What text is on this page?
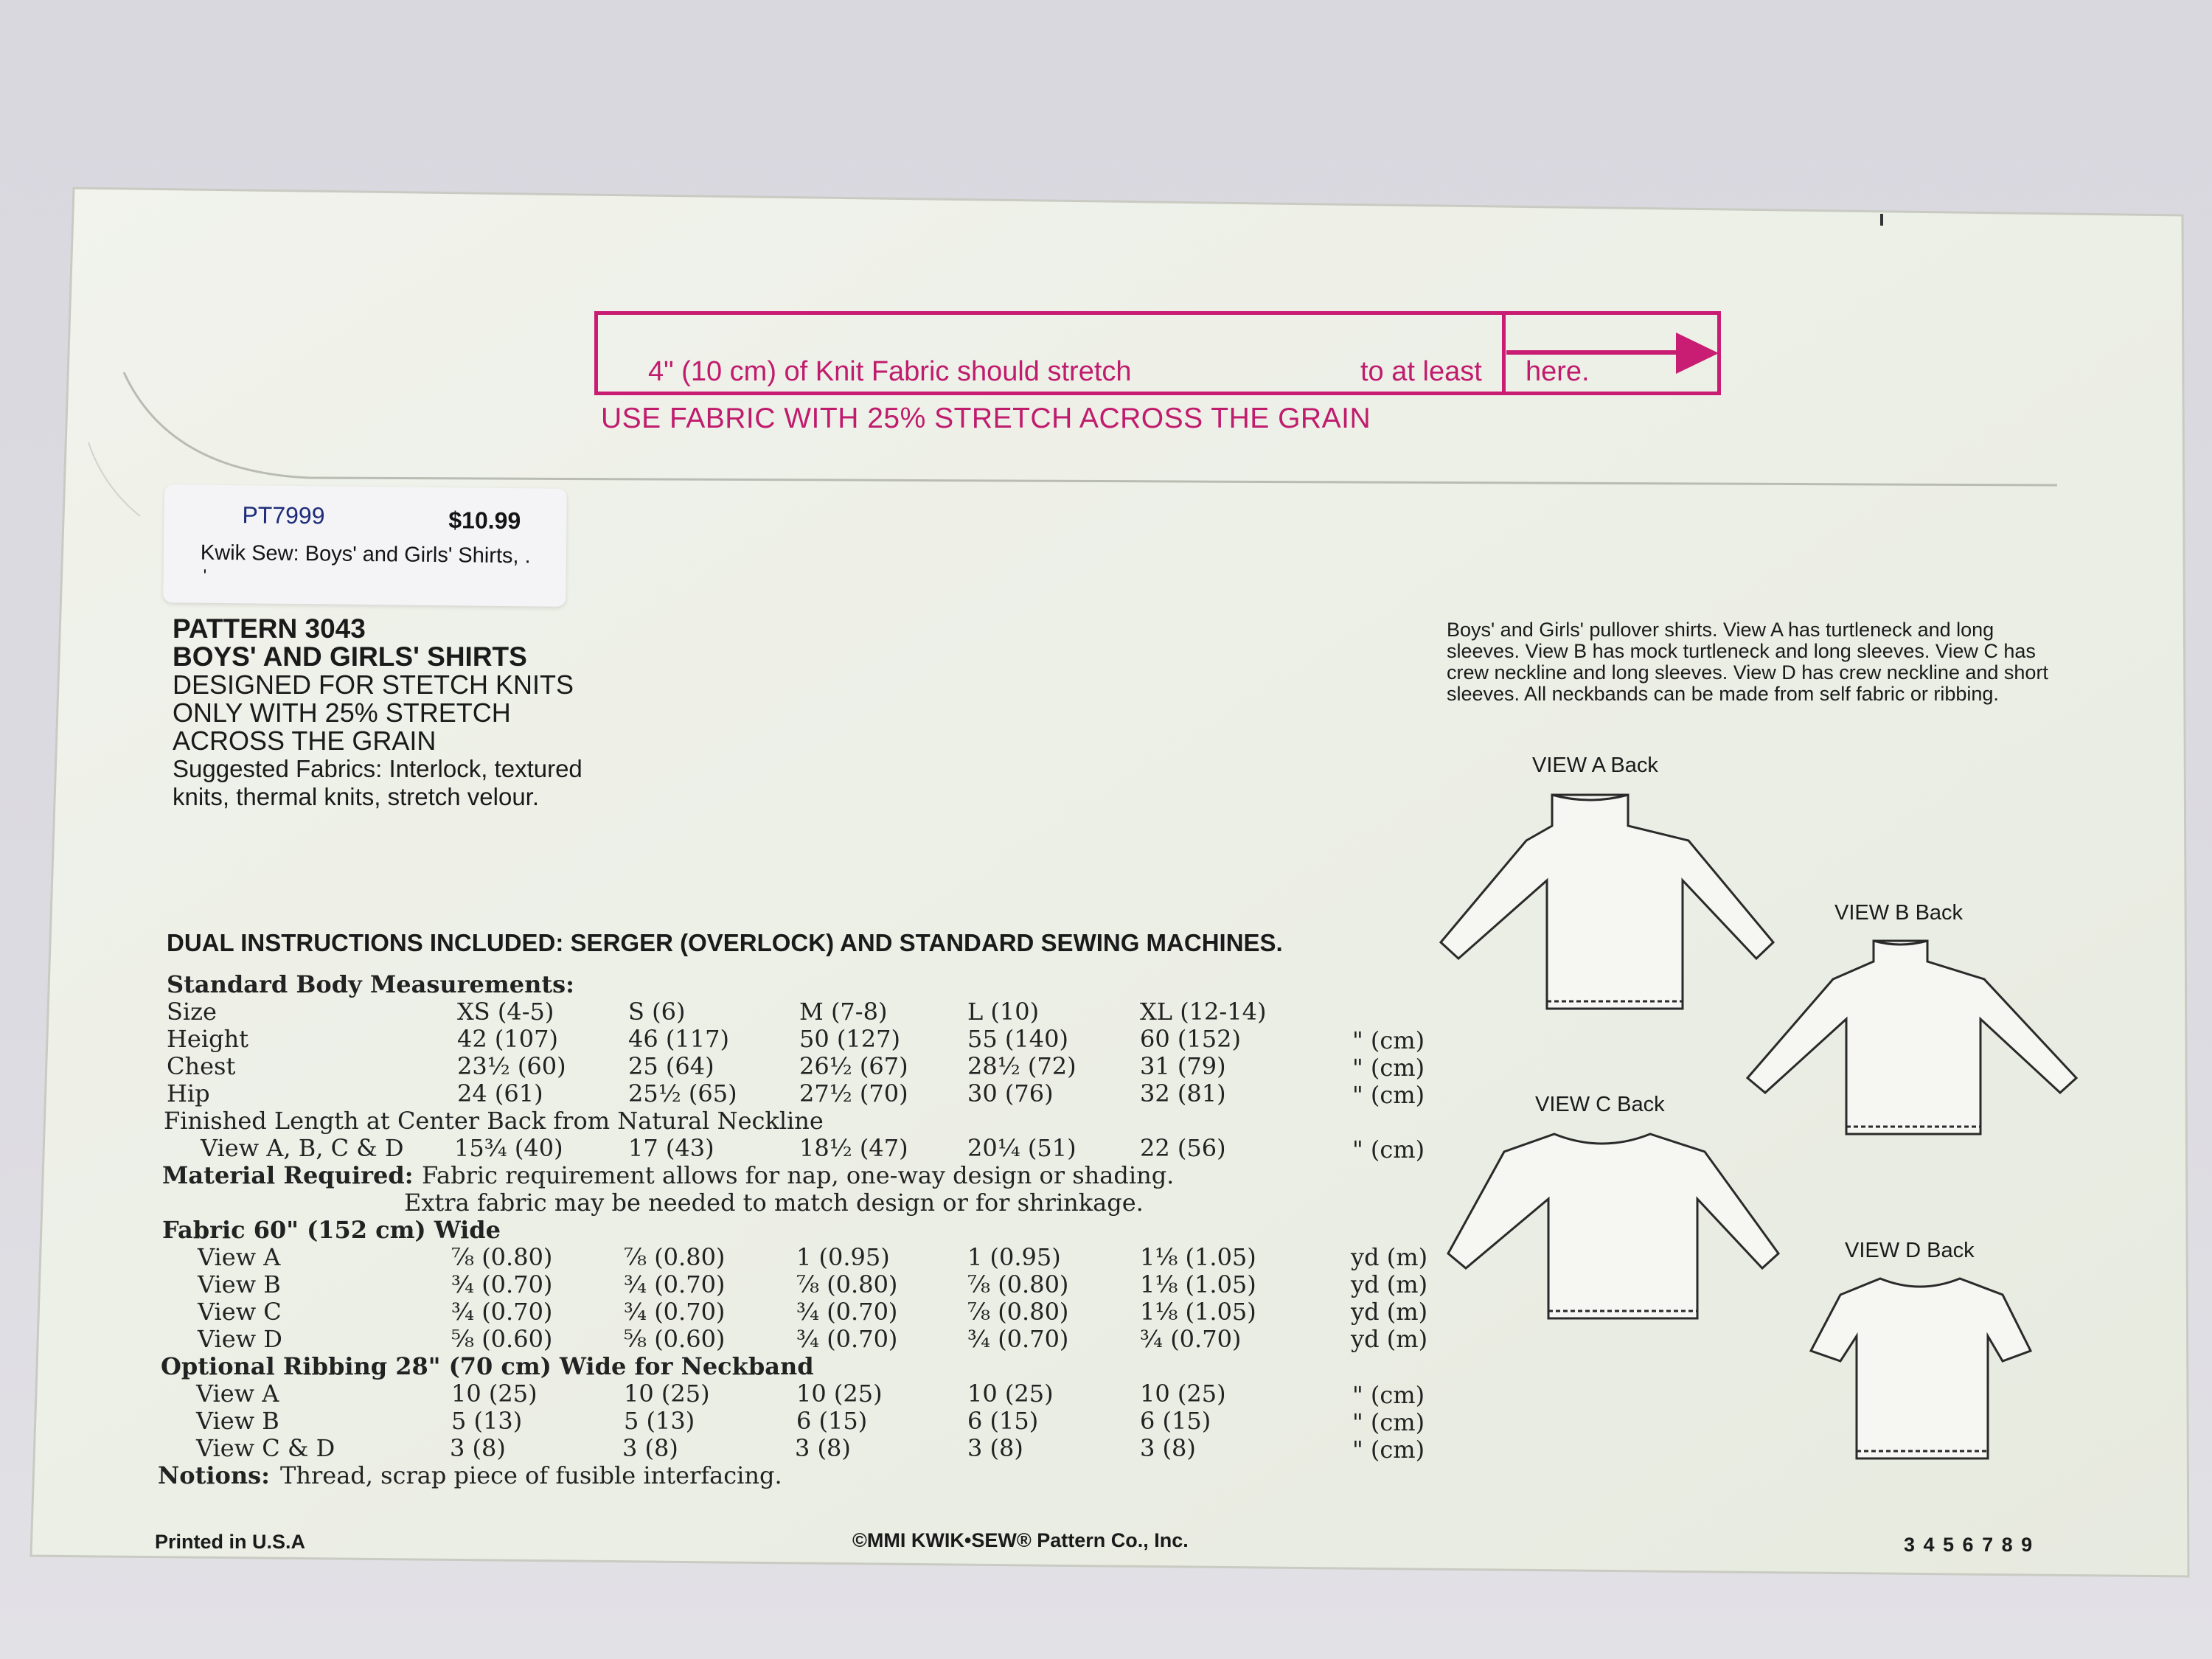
4" (10 cm) of Knit Fabric should stretch	to at least here.
USE FABRIC WITH 25% STRETCH ACROSS THE GRAIN
PT7999	$10.99
Kwik Sew: Boys' and Girls' Shirts, .
'
PATTERN 3043
BOYS' AND GIRLS' SHIRTS
DESIGNED FOR STETCH KNITS
ONLY WITH 25% STRETCH
ACROSS THE GRAIN
Suggested Fabrics: Interlock, textured
knits, thermal knits, stretch velour.
Boys' and Girls' pullover shirts. View A has turtleneck and long sleeves. View B has mock turtleneck and long sleeves. View C has crew neckline and long sleeves. View D has crew neckline and short sleeves. All neckbands can be made from self fabric or ribbing.
VIEW A Back
VIEW B Back
VIEW C Back
VIEW D Back
DUAL INSTRUCTIONS INCLUDED: SERGER (OVERLOCK) AND STANDARD SEWING MACHINES.
Standard Body Measurements:
Size	XS (4-5)	S (6)	M (7-8)	L (10)	XL (12-14)
Height	42 (107)	46 (117)	50 (127)	55 (140)	60 (152)	" (cm)
Chest	23½ (60)	25 (64)	26½ (67)	28½ (72)	31 (79)	" (cm)
Hip	24 (61)	25½ (65)	27½ (70)	30 (76)	32 (81)	" (cm)
Finished Length at Center Back from Natural Neckline
View A, B, C & D 15¾ (40)	17 (43)	18½ (47)	20¼ (51)	22 (56)	" (cm)
Material Required: Fabric requirement allows for nap, one-way design or shading.
Extra fabric may be needed to match design or for shrinkage.
Fabric 60" (152 cm) Wide
View A	⅞ (0.80)	⅞ (0.80)	1 (0.95)	1 (0.95)	1⅛ (1.05)	yd (m)
View B	¾ (0.70)	¾ (0.70)	⅞ (0.80)	⅞ (0.80)	1⅛ (1.05)	yd (m)
View C	¾ (0.70)	¾ (0.70)	¾ (0.70)	⅞ (0.80)	1⅛ (1.05)	yd (m)
View D	⅝ (0.60)	⅝ (0.60)	¾ (0.70)	¾ (0.70)	¾ (0.70)	yd (m)
Optional Ribbing 28" (70 cm) Wide for Neckband
View A	10 (25)	10 (25)	10 (25)	10 (25)	10 (25)	" (cm)
View B	5 (13)	5 (13)	6 (15)	6 (15)	6 (15)	" (cm)
View C & D	3 (8)	3 (8)	3 (8)	3 (8)	3 (8)	" (cm)
Notions: Thread, scrap piece of fusible interfacing.
Printed in U.S.A	©MMI KWIK•SEW® Pattern Co., Inc.	3 4 5 6 7 8 9
